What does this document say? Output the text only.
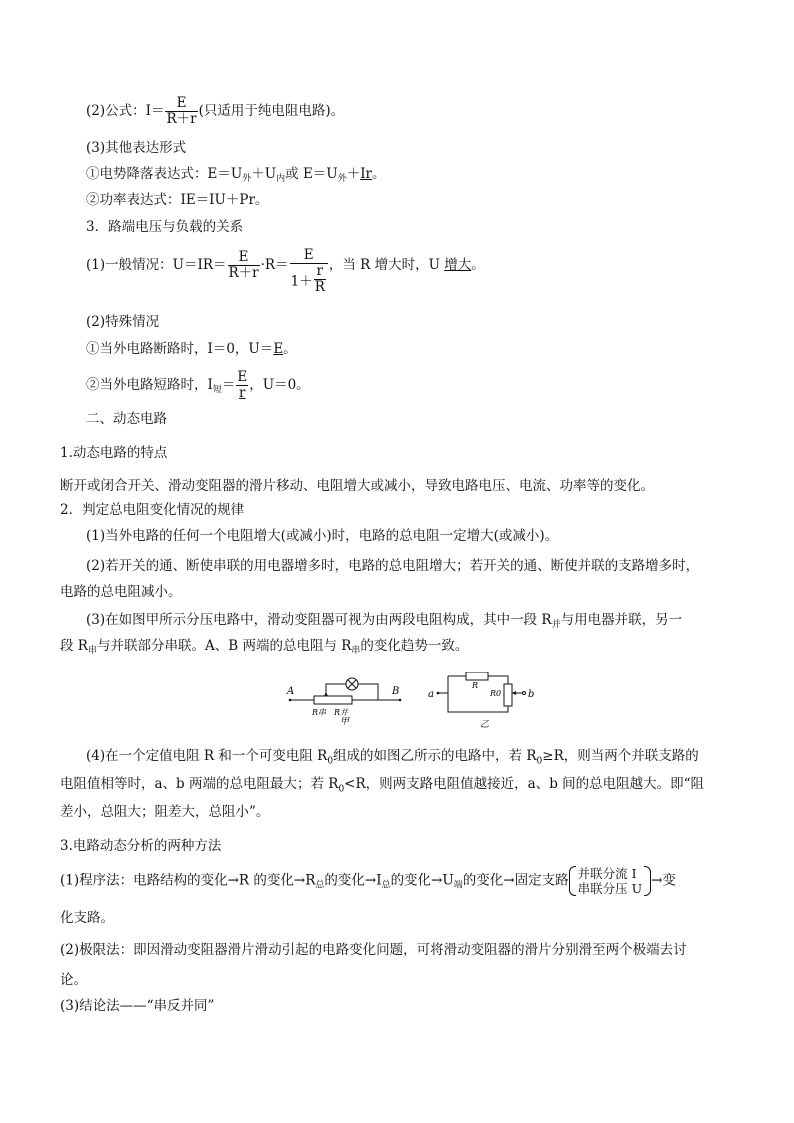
(2)公式：$I= \frac{E}{R+r}$ (只适用于纯电阻电路)。
(3)其他表达形式
①电势降落表达式：$E=U_外+U_内$或 $E=U_外+Ir$。
②功率表达式：IE＝IU＋Pr。
3．路端电压与负载的关系
(1)一般情况：$U=IR= \frac{E}{R+r} \cdot R= \frac{E}{1+ \frac{r}{R}}$ ，当 R 增大时，U 增大。
(2)特殊情况
①当外电路断路时，I＝0，U＝E。
②当外电路短路时，$I_短= \frac{E}{r}$ ，U＝0。
二、动态电路
1.动态电路的特点
断开或闭合开关、滑动变阻器的滑片移动、电阻增大或减小，导致电路电压、电流、功率等的变化。
2．判定总电阻变化情况的规律
(1)当外电路的任何一个电阻增大(或减小)时，电路的总电阻一定增大(或减小)。
(2)若开关的通、断使串联的用电器增多时，电路的总电阻增大；若开关的通、断使并联的支路增多时，
电路的总电阻减小。
(3)在如图甲所示分压电路中，滑动变阻器可视为由两段电阻构成，其中一段 $R_并$与用电器并联，另一
段 $R_串$与并联部分串联。A、B 两端的总电阻与 $R_串$的变化趋势一致。
A	B
R串 R并
甲
a	b
R
R0
乙
(4)在一个定值电阻 R 和一个可变电阻 $R_0$组成的如图乙所示的电路中，若 $R_0\ge R$，则当两个并联支路的
电阻值相等时，a、b 两端的总电阻最大；若 $R_0<R$，则两支路电阻值越接近，a、b 间的总电阻越大。即“阻
差小，总阻大；阻差大，总阻小”。
3.电路动态分析的两种方法
(1)程序法：电路结构的变化→R 的变化$\to R_总$的变化$\to I_总$的变化$\to U_端$的变化→固定支路 并联分流 I
串联分压 U →变
化支路。
(2)极限法：即因滑动变阻器滑片滑动引起的电路变化问题，可将滑动变阻器的滑片分别滑至两个极端去讨
论。
(3)结论法——“串反并同”
